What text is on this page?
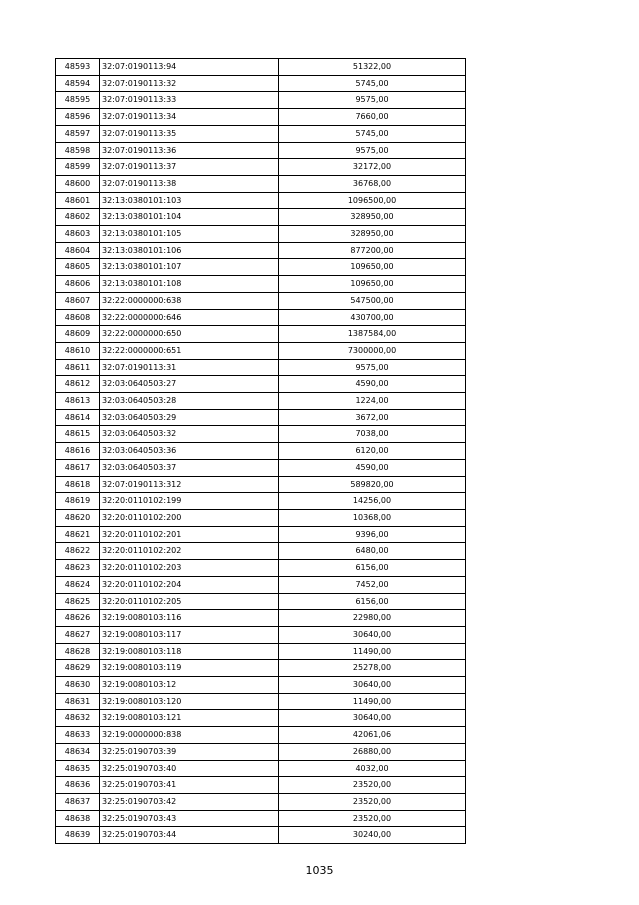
48593	32:07:0190113:94	51322,00
48594	32:07:0190113:32	5745,00
48595	32:07:0190113:33	9575,00
48596	32:07:0190113:34	7660,00
48597	32:07:0190113:35	5745,00
48598	32:07:0190113:36	9575,00
48599	32:07:0190113:37	32172,00
48600	32:07:0190113:38	36768,00
48601	32:13:0380101:103	1096500,00
48602	32:13:0380101:104	328950,00
48603	32:13:0380101:105	328950,00
48604	32:13:0380101:106	877200,00
48605	32:13:0380101:107	109650,00
48606	32:13:0380101:108	109650,00
48607	32:22:0000000:638	547500,00
48608	32:22:0000000:646	430700,00
48609	32:22:0000000:650	1387584,00
48610	32:22:0000000:651	7300000,00
48611	32:07:0190113:31	9575,00
48612	32:03:0640503:27	4590,00
48613	32:03:0640503:28	1224,00
48614	32:03:0640503:29	3672,00
48615	32:03:0640503:32	7038,00
48616	32:03:0640503:36	6120,00
48617	32:03:0640503:37	4590,00
48618	32:07:0190113:312	589820,00
48619	32:20:0110102:199	14256,00
48620	32:20:0110102:200	10368,00
48621	32:20:0110102:201	9396,00
48622	32:20:0110102:202	6480,00
48623	32:20:0110102:203	6156,00
48624	32:20:0110102:204	7452,00
48625	32:20:0110102:205	6156,00
48626	32:19:0080103:116	22980,00
48627	32:19:0080103:117	30640,00
48628	32:19:0080103:118	11490,00
48629	32:19:0080103:119	25278,00
48630	32:19:0080103:12	30640,00
48631	32:19:0080103:120	11490,00
48632	32:19:0080103:121	30640,00
48633	32:19:0000000:838	42061,06
48634	32:25:0190703:39	26880,00
48635	32:25:0190703:40	4032,00
48636	32:25:0190703:41	23520,00
48637	32:25:0190703:42	23520,00
48638	32:25:0190703:43	23520,00
48639	32:25:0190703:44	30240,00
1035
